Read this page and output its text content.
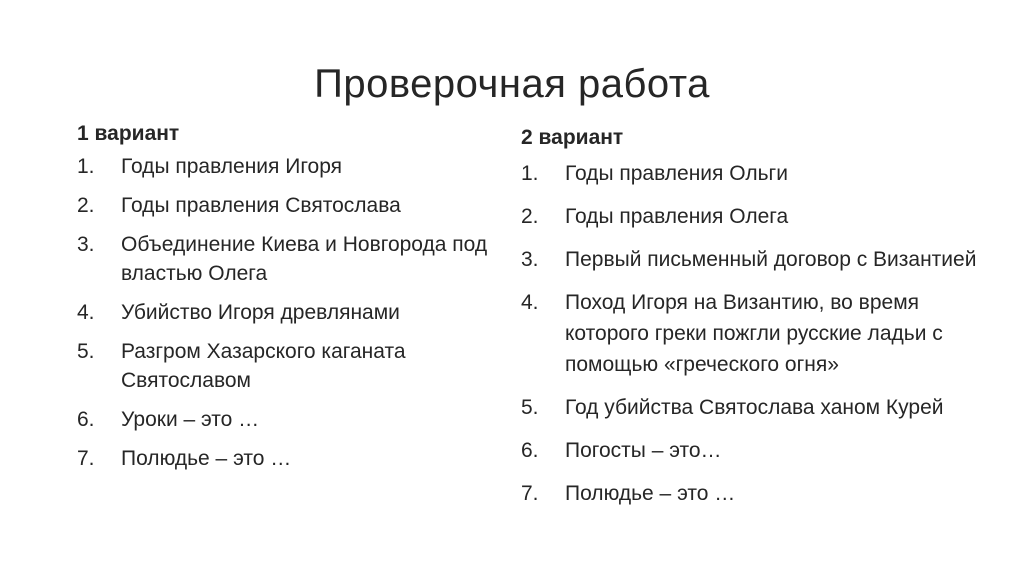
Проверочная работа
1 вариант
1. Годы правления Игоря
2. Годы правления Святослава
3. Объединение Киева и Новгорода под властью Олега
4. Убийство Игоря древлянами
5. Разгром Хазарского каганата Святославом
6. Уроки – это …
7. Полюдье – это …
2 вариант
1. Годы правления Ольги
2. Годы правления Олега
3. Первый письменный договор с Византией
4. Поход Игоря на Византию, во время которого греки пожгли русские ладьи с помощью «греческого огня»
5. Год убийства Святослава ханом Курей
6. Погосты – это…
7. Полюдье – это …
